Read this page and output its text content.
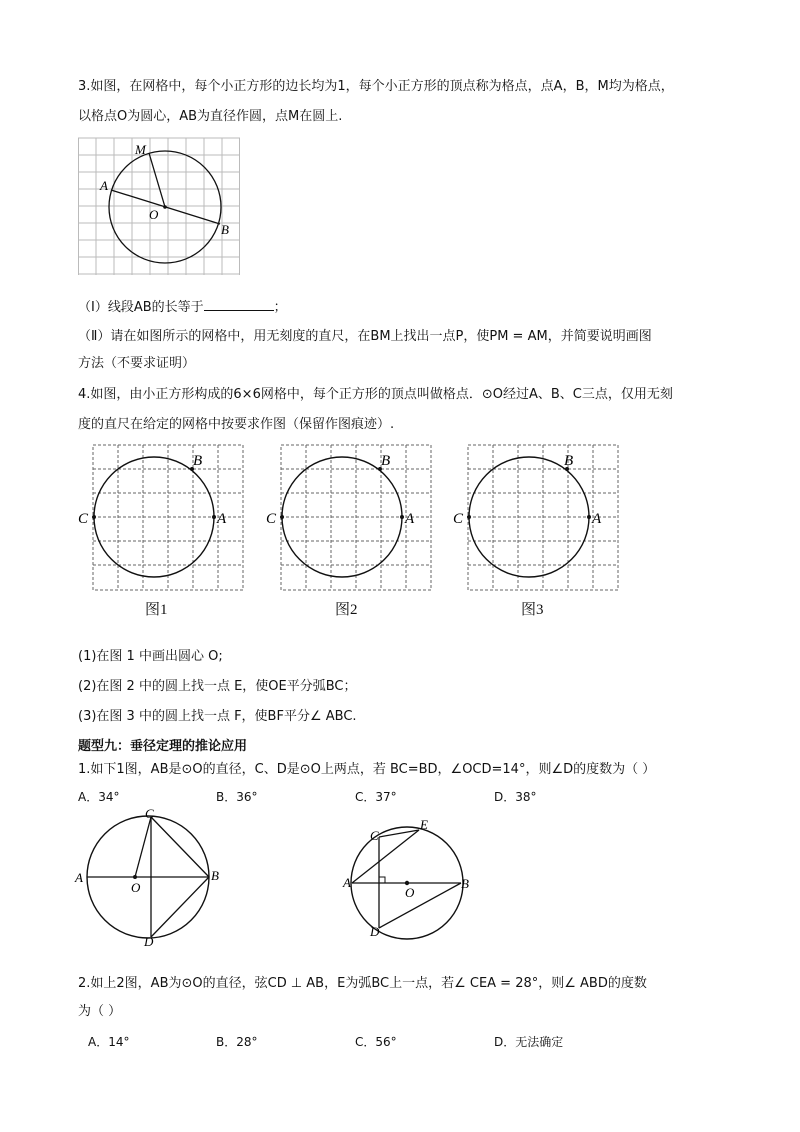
3.如图，在网格中，每个小正方形的边长均为1，每个小正方形的顶点称为格点，点A，B，M均为格点，
以格点O为圆心，AB为直径作圆，点M在圆上.
M
A
O
B
（Ⅰ）线段AB的长等于	；
（Ⅱ）请在如图所示的网格中，用无刻度的直尺，在BM上找出一点P，使PM = AM，并简要说明画图
方法（不要求证明）
4.如图，由小正方形构成的6×6网格中，每个正方形的顶点叫做格点．⊙O经过A、B、C三点，仅用无刻
度的直尺在给定的网格中按要求作图（保留作图痕迹）.
C	A
B
图1
C	A
B
图2
C	A
B
图3
(1)在图 1 中画出圆心 O;
(2)在图 2 中的圆上找一点 E，使OE平分弧BC；
(3)在图 3 中的圆上找一点 F，使BF平分∠ ABC.
题型九：垂径定理的推论应用
1.如下1图，AB是⊙O的直径，C、D是⊙O上两点，若 BC=BD，∠OCD=14°，则∠D的度数为（ ）
A．34°	B．36°	C．37°	D．38°
A	B
C
D
O	A	B
C
D
E
O
2.如上2图，AB为⊙O的直径，弦CD ⊥ AB，E为弧BC上一点，若∠ CEA = 28°，则∠ ABD的度数
为（ ）
A．14°	B．28°	C．56°	D．无法确定
